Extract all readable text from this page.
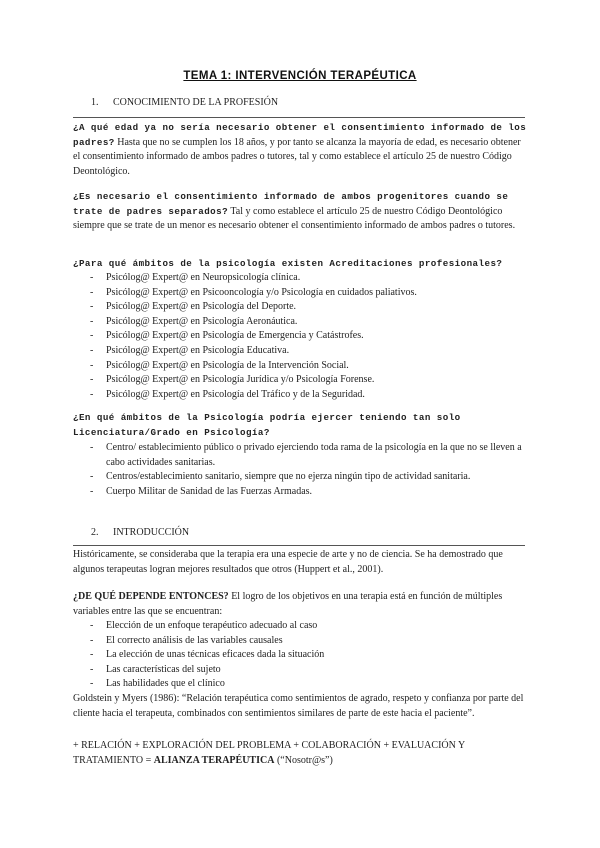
TEMA 1: INTERVENCIÓN TERAPÉUTICA
1. CONOCIMIENTO DE LA PROFESIÓN
¿A qué edad ya no sería necesario obtener el consentimiento informado de los padres? Hasta que no se cumplen los 18 años, y por tanto se alcanza la mayoría de edad, es necesario obtener el consentimiento informado de ambos padres o tutores, tal y como establece el artículo 25 de nuestro Código Deontológico.
¿Es necesario el consentimiento informado de ambos progenitores cuando se trate de padres separados? Tal y como establece el artículo 25 de nuestro Código Deontológico siempre que se trate de un menor es necesario obtener el consentimiento informado de ambos padres o tutores.
¿Para qué ámbitos de la psicología existen Acreditaciones profesionales?
- Psicólog@ Expert@ en Neuropsicología clínica.
- Psicólog@ Expert@ en Psicooncología y/o Psicología en cuidados paliativos.
- Psicólog@ Expert@ en Psicología del Deporte.
- Psicólog@ Expert@ en Psicología Aeronáutica.
- Psicólog@ Expert@ en Psicología de Emergencia y Catástrofes.
- Psicólog@ Expert@ en Psicología Educativa.
- Psicólog@ Expert@ en Psicología de la Intervención Social.
- Psicólog@ Expert@ en Psicología Jurídica y/o Psicología Forense.
- Psicólog@ Expert@ en Psicología del Tráfico y de la Seguridad.
¿En qué ámbitos de la Psicología podría ejercer teniendo tan solo Licenciatura/Grado en Psicología?
- Centro/ establecimiento público o privado ejerciendo toda rama de la psicología en la que no se lleven a cabo actividades sanitarias.
- Centros/establecimiento sanitario, siempre que no ejerza ningún tipo de actividad sanitaria.
- Cuerpo Militar de Sanidad de las Fuerzas Armadas.
2. INTRODUCCIÓN
Históricamente, se consideraba que la terapia era una especie de arte y no de ciencia. Se ha demostrado que algunos terapeutas logran mejores resultados que otros (Huppert et al., 2001).
¿DE QUÉ DEPENDE ENTONCES? El logro de los objetivos en una terapia está en función de múltiples variables entre las que se encuentran:
- Elección de un enfoque terapéutico adecuado al caso
- El correcto análisis de las variables causales
- La elección de unas técnicas eficaces dada la situación
- Las características del sujeto
- Las habilidades que el clínico
Goldstein y Myers (1986): “Relación terapéutica como sentimientos de agrado, respeto y confianza por parte del cliente hacia el terapeuta, combinados con sentimientos similares de parte de este hacia el paciente”.
+ RELACIÓN + EXPLORACIÓN DEL PROBLEMA + COLABORACIÓN + EVALUACIÓN Y TRATAMIENTO = ALIANZA TERAPÉUTICA (“Nosotr@s”)
